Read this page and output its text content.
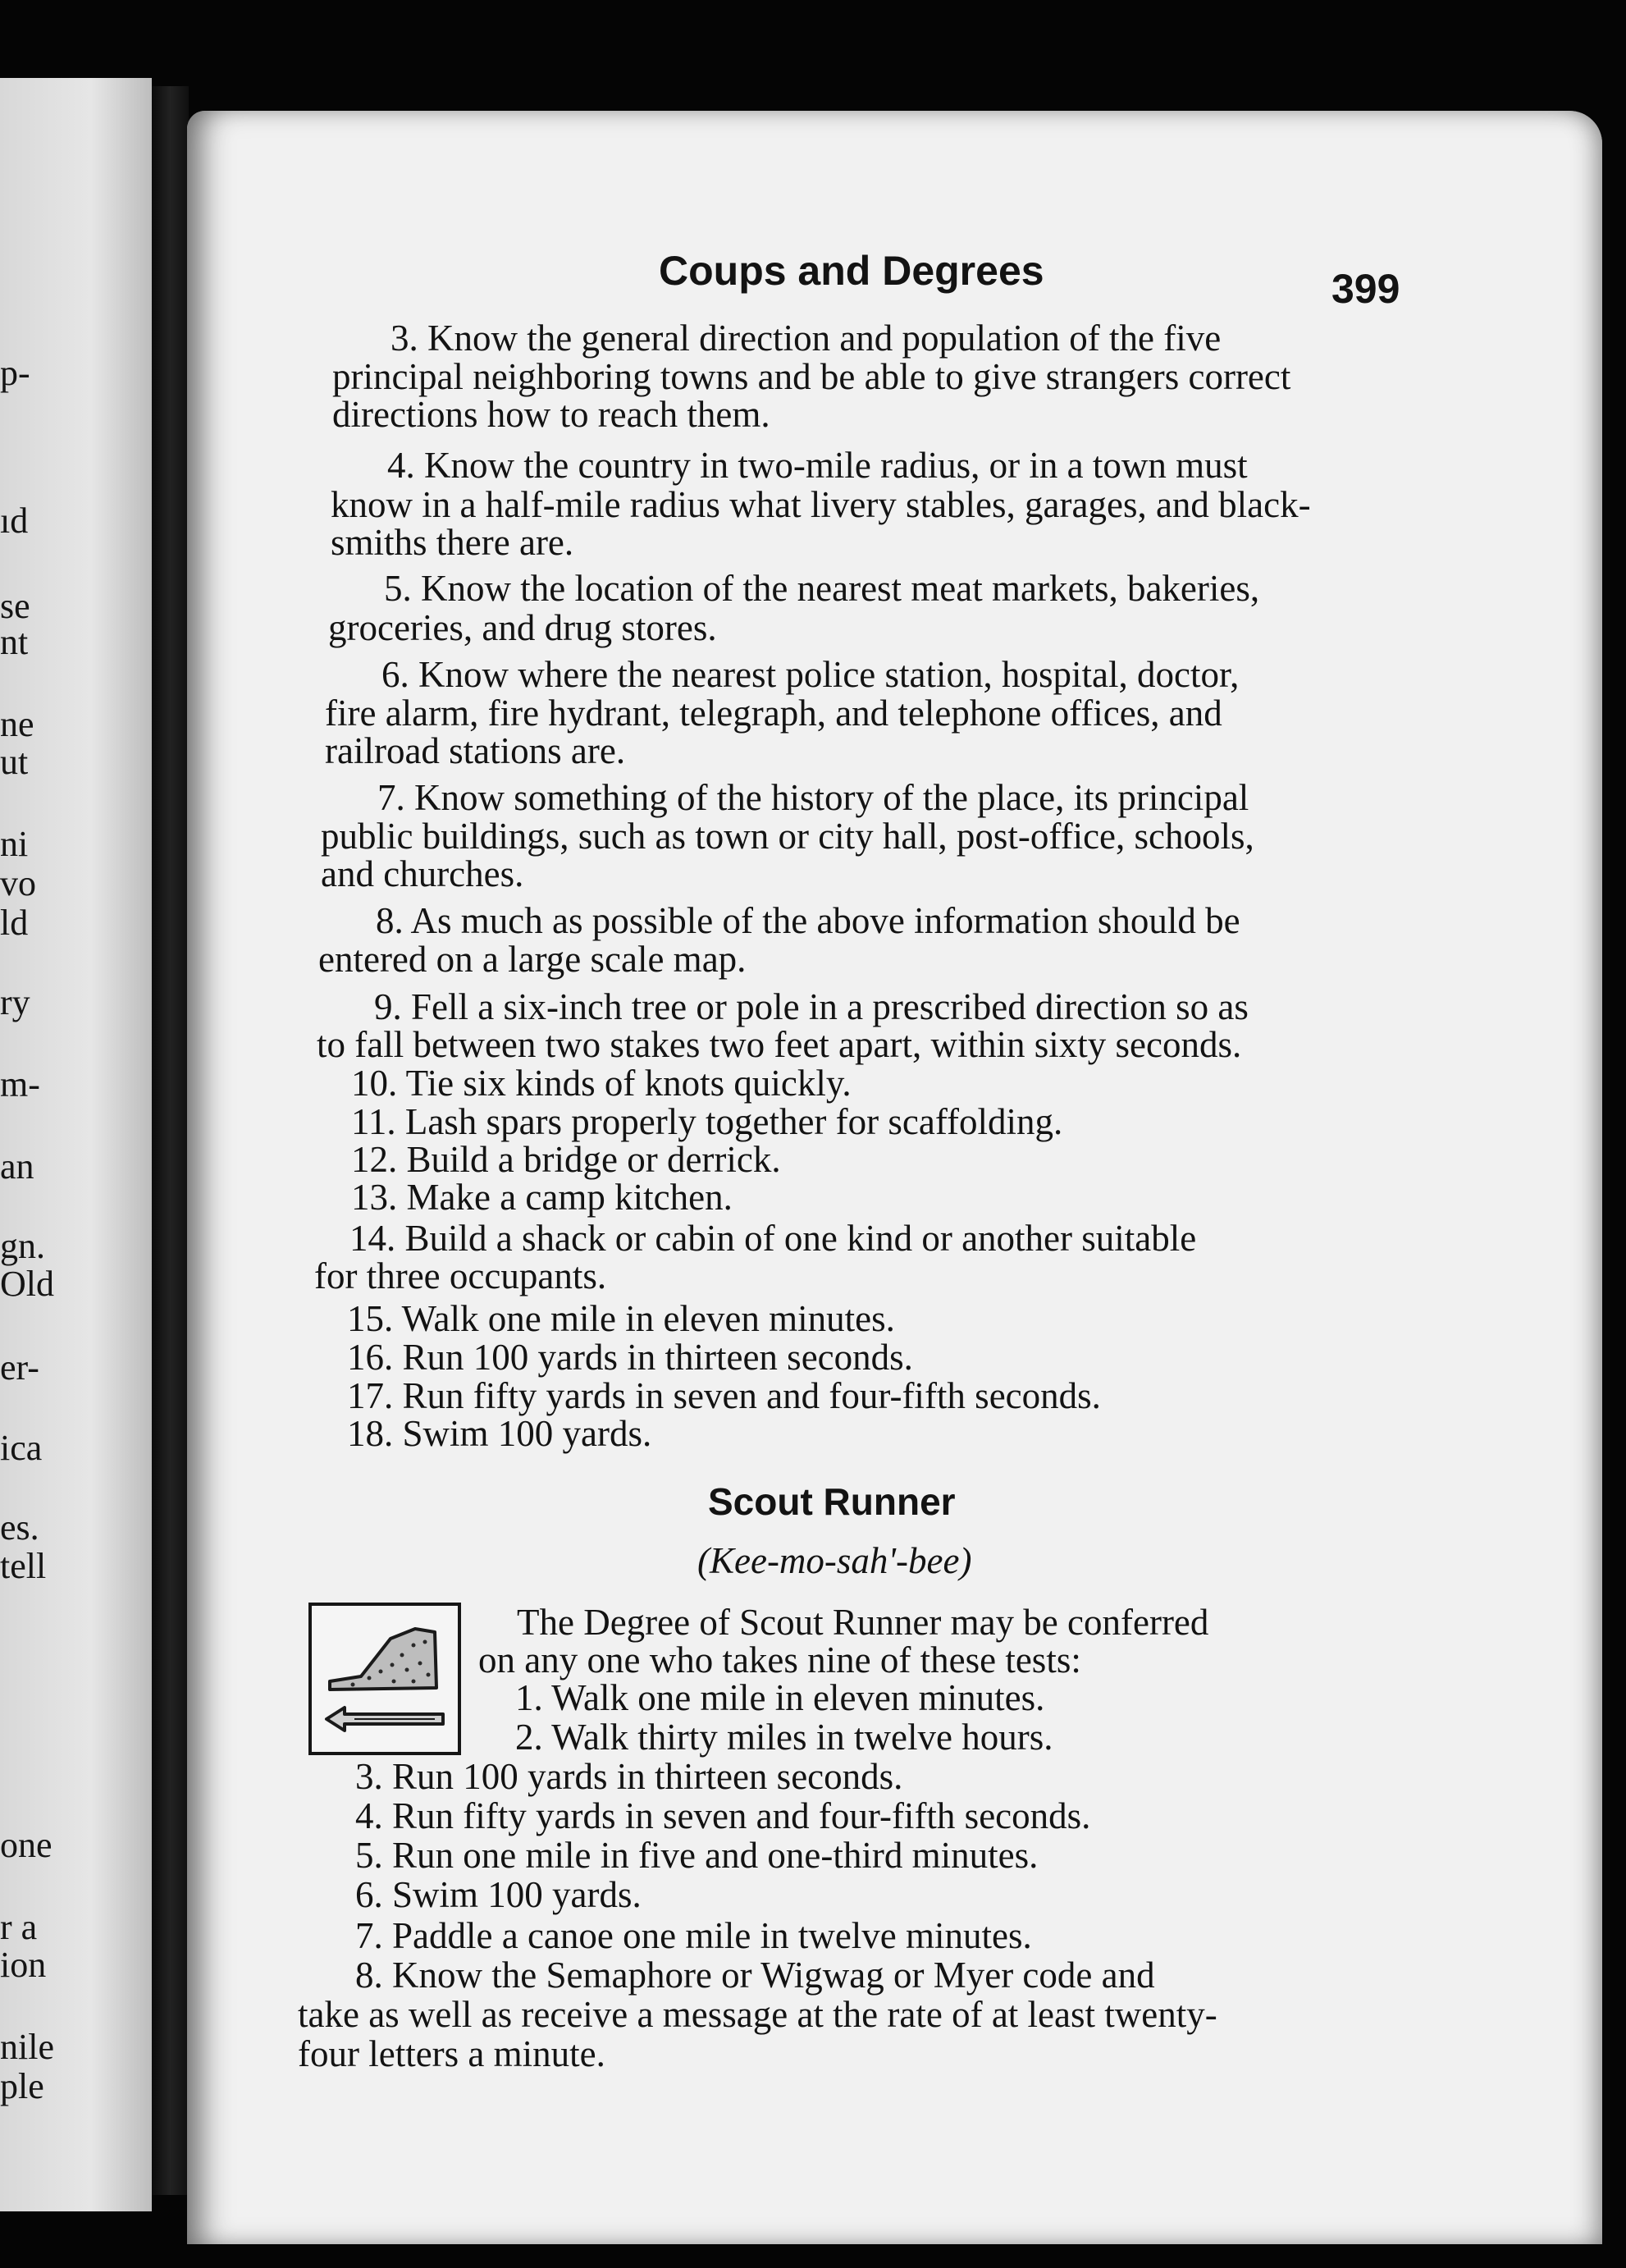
p-
ıd
se
nt
ne
ut
ni
vo
ld
ry
m-
an
gn.
Old
er-
ica
es.
tell
one
r a
ion
nile
ple
Coups and Degrees	399
3. Know the general direction and population of the five
principal neighboring towns and be able to give strangers correct
directions how to reach them.
4. Know the country in two-mile radius, or in a town must
know in a half-mile radius what livery stables, garages, and black-
smiths there are.
5. Know the location of the nearest meat markets, bakeries,
groceries, and drug stores.
6. Know where the nearest police station, hospital, doctor,
fire alarm, fire hydrant, telegraph, and telephone offices, and
railroad stations are.
7. Know something of the history of the place, its principal
public buildings, such as town or city hall, post-office, schools,
and churches.
8. As much as possible of the above information should be
entered on a large scale map.
9. Fell a six-inch tree or pole in a prescribed direction so as
to fall between two stakes two feet apart, within sixty seconds.
10. Tie six kinds of knots quickly.
11. Lash spars properly together for scaffolding.
12. Build a bridge or derrick.
13. Make a camp kitchen.
14. Build a shack or cabin of one kind or another suitable
for three occupants.
15. Walk one mile in eleven minutes.
16. Run 100 yards in thirteen seconds.
17. Run fifty yards in seven and four-fifth seconds.
18. Swim 100 yards.
Scout Runner
(Kee-mo-sah'-bee)
The Degree of Scout Runner may be conferred
on any one who takes nine of these tests:
1. Walk one mile in eleven minutes.
2. Walk thirty miles in twelve hours.
3. Run 100 yards in thirteen seconds.
4. Run fifty yards in seven and four-fifth seconds.
5. Run one mile in five and one-third minutes.
6. Swim 100 yards.
7. Paddle a canoe one mile in twelve minutes.
8. Know the Semaphore or Wigwag or Myer code and
take as well as receive a message at the rate of at least twenty-
four letters a minute.
